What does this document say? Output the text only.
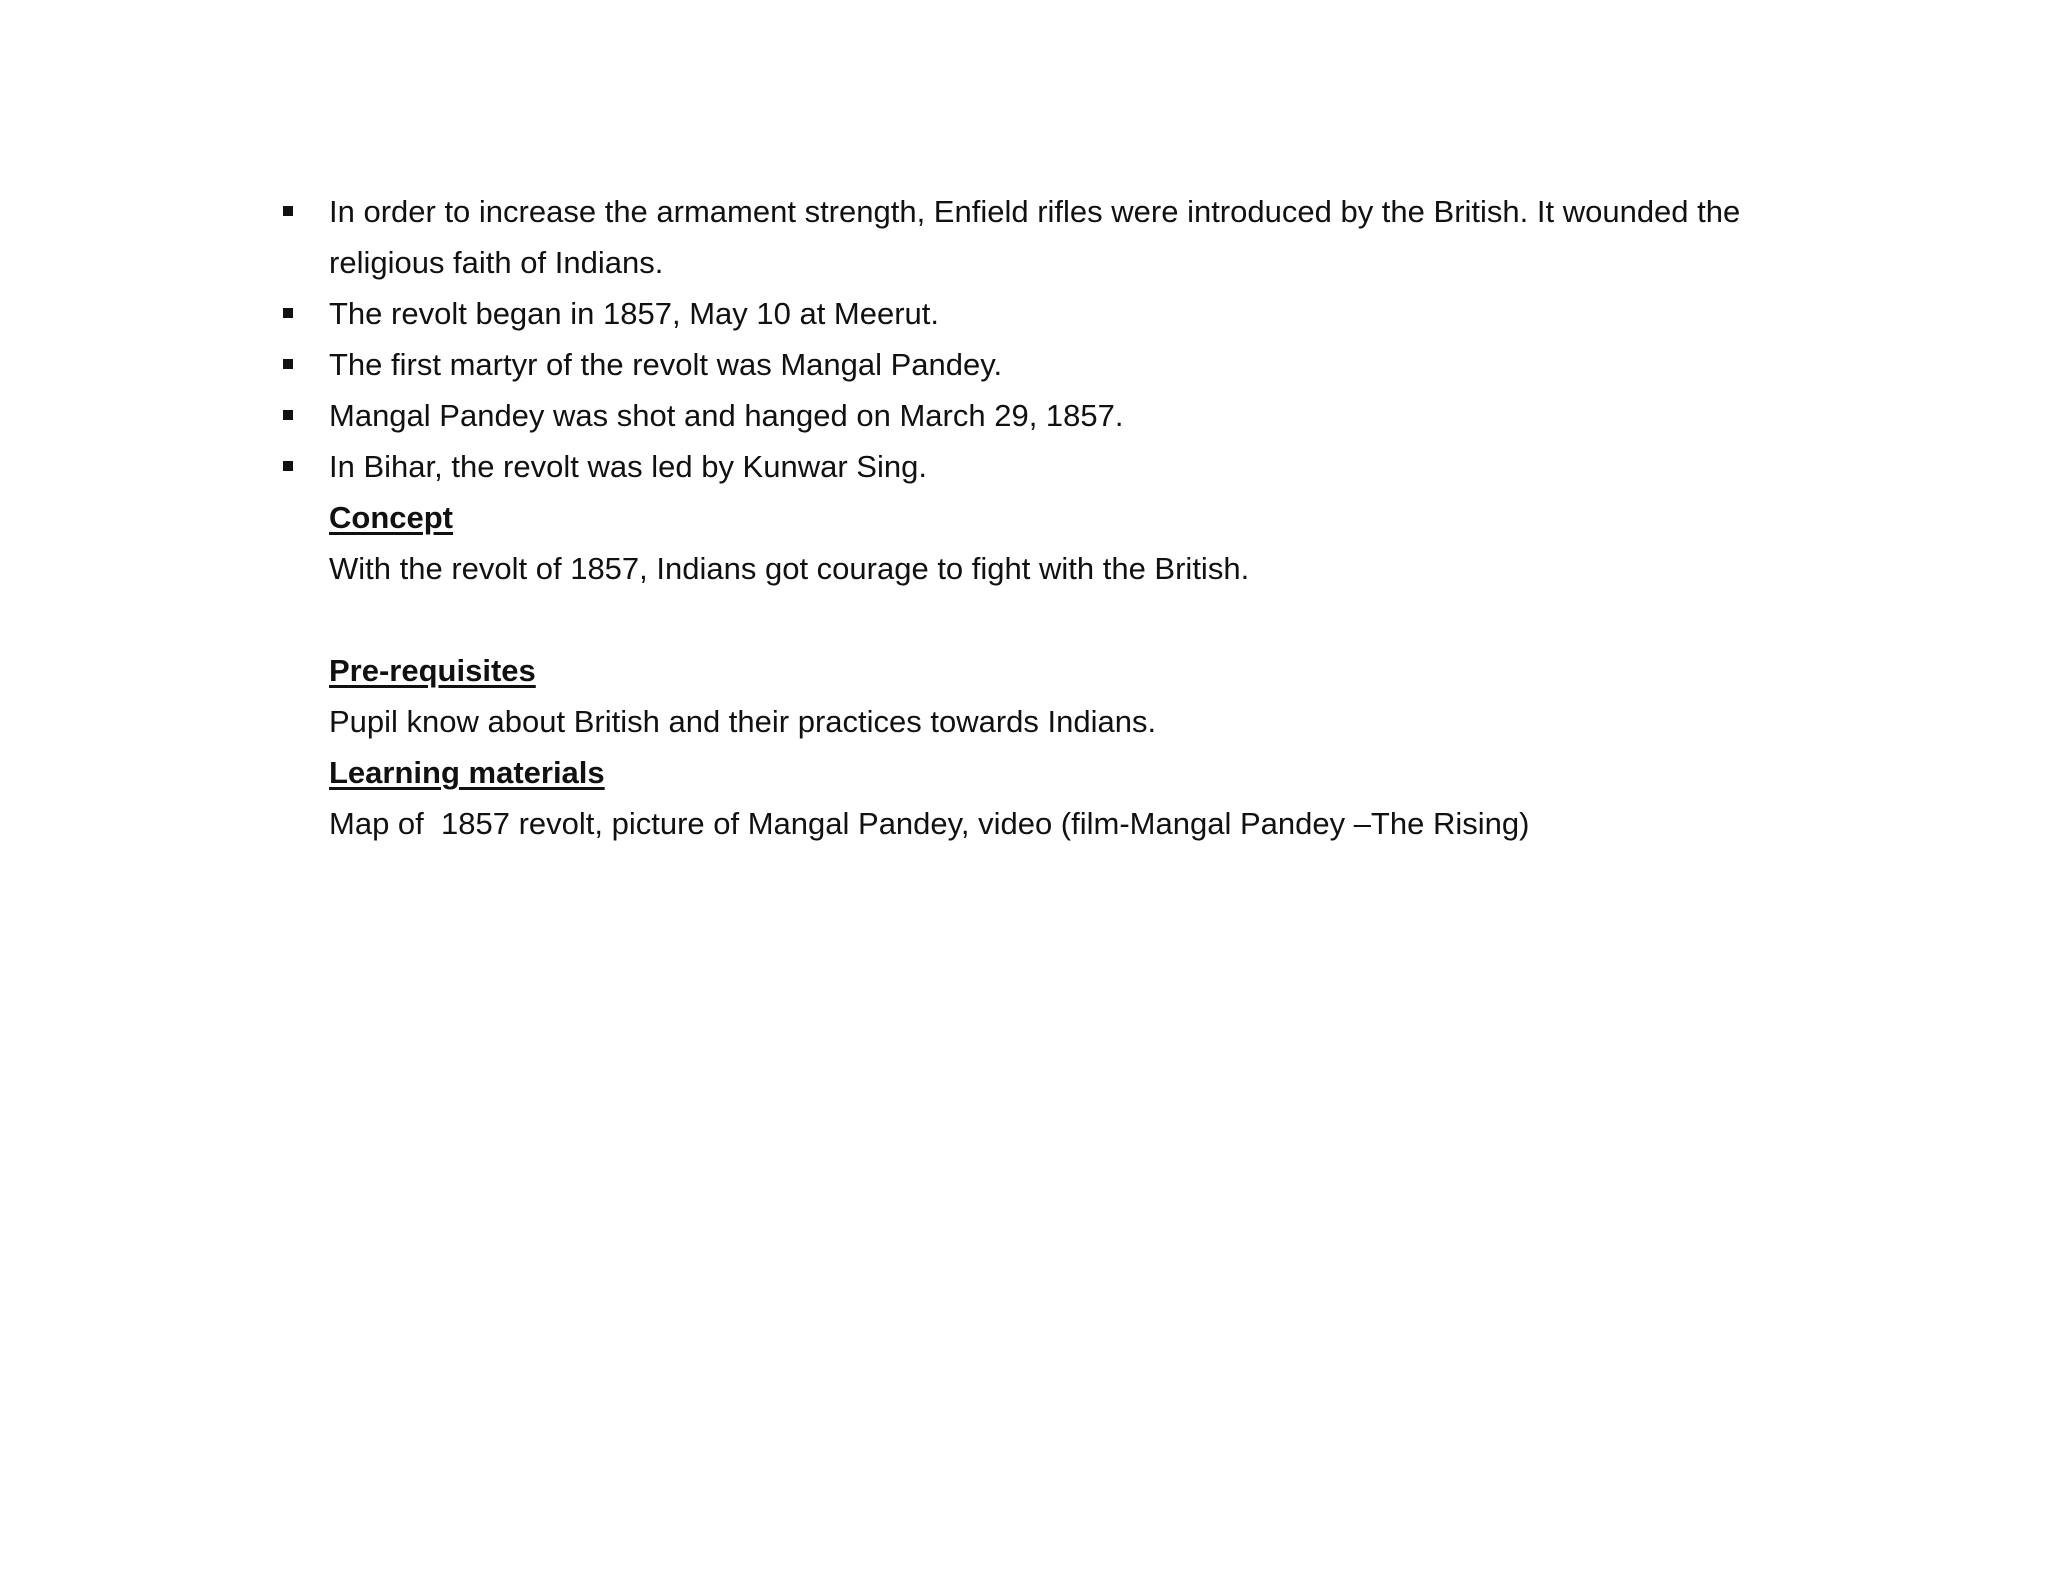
In order to increase the armament strength, Enfield rifles were introduced by the British. It wounded the religious faith of Indians.
The revolt began in 1857, May 10 at Meerut.
The first martyr of the revolt was Mangal Pandey.
Mangal Pandey was shot and hanged on March 29, 1857.
In Bihar, the revolt was led by Kunwar Sing.
Concept
With the revolt of 1857, Indians got courage to fight with the British.
Pre-requisites
Pupil know about British and their practices towards Indians.
Learning materials
Map of  1857 revolt, picture of Mangal Pandey, video (film-Mangal Pandey –The Rising)
